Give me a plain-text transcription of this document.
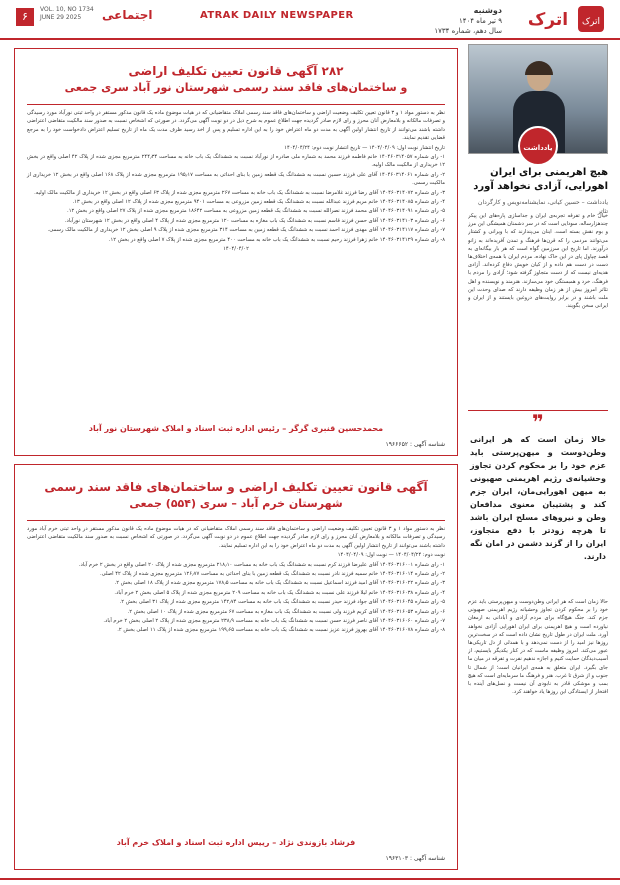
۶
VOL. 10, NO 1734
JUNE 29 2025	اجتماعی	ATRAK DAILY NEWSPAPER	دوشنبه
۹ تیر ماه ۱۴۰۴
سال دهم، شماره ۱۷۳۴
اترک
اترک
۲۸۲ آگهی قانون تعیین تکلیف اراضی
و ساختمان‌های فاقد سند رسمی شهرستان نور آباد سری جمعی

نظر به دستور مواد ۱ و ۳ قانون تعیین تکلیف وضعیت اراضی و ساختمان‌های فاقد سند رسمی املاک متقاضیانی که در هیات موضوع ماده یک قانون مذکور مستقر در واحد ثبتی نورآباد مورد رسیدگی و تصرفات مالکانه و بلامعارض آنان محرز و رای لازم صادر گردیده جهت اطلاع عموم به شرح ذیل در دو نوبت آگهی می‌گردد. در صورتی که اشخاص نسبت به صدور سند مالکیت متقاضی اعتراضی داشته باشند می‌توانند از تاریخ انتشار اولین آگهی به مدت دو ماه اعتراض خود را به این اداره تسلیم و پس از اخذ رسید ظرف مدت یک ماه از تاریخ تسلیم اعتراض دادخواست خود را به مرجع قضایی تقدیم نمایند.

تاریخ انتشار نوبت اول: ۱۴۰۴/۰۴/۰۹ — تاریخ انتشار نوبت دوم: ۱۴۰۴/۰۴/۲۴

۱- رای شماره ۱۴۰۴۶۰۳۱۴۰۵۷ خانم فاطمه فرزند محمد به شماره ملی صادره از نورآباد نسبت به ششدانگ یک باب خانه به مساحت ۲۴۴٫۳۴ مترمربع مجزی شده از پلاک ۴۲ اصلی واقع در بخش ۱۲ خریداری از مالکیت مالک اولیه.

۲- رای شماره ۱۴۰۴۶۰۳۱۴۰۶۱ آقای علی فرزند حسین نسبت به ششدانگ یک قطعه زمین با بنای احداثی به مساحت ۱۹۵٫۱۷ مترمربع مجزی شده از پلاک ۱۶۸ اصلی واقع در بخش ۱۲ خریداری از مالکیت رسمی.

۳- رای شماره ۱۴۰۴۶۰۳۱۴۰۷۲ آقای رضا فرزند غلامرضا نسبت به ششدانگ یک باب خانه به مساحت ۲۶۷ مترمربع مجزی شده از پلاک ۶۳ اصلی واقع در بخش ۱۲ خریداری از مالکیت مالک اولیه.

۴- رای شماره ۱۴۰۴۶۰۳۱۴۰۸۵ خانم مریم فرزند عبدالله نسبت به ششدانگ یک قطعه زمین مزروعی به مساحت ۹۴۰۱ مترمربع مجزی شده از پلاک ۱۲ اصلی واقع در بخش ۱۳.

۵- رای شماره ۱۴۰۴۶۰۳۱۴۰۹۱ آقای محمد فرزند نصرالله نسبت به ششدانگ یک قطعه زمین مزروعی به مساحت ۱۸۶۴۲ مترمربع مجزی شده از پلاک ۲۷ اصلی واقع در بخش ۱۲.

۶- رای شماره ۱۴۰۴۶۰۳۱۴۱۰۳ آقای حسن فرزند قاسم نسبت به ششدانگ یک باب مغازه به مساحت ۱۲۰ مترمربع مجزی شده از پلاک ۴ اصلی واقع در بخش ۱۲ شهرستان نورآباد.

۷- رای شماره ۱۴۰۴۶۰۳۱۴۱۱۷ آقای مهدی فرزند احمد نسبت به ششدانگ یک قطعه زمین به مساحت ۳۱۴ مترمربع مجزی شده از پلاک ۹ اصلی بخش ۱۲ خریداری از مالکیت مالک رسمی.

۸- رای شماره ۱۴۰۴۶۰۳۱۴۱۲۹ خانم زهرا فرزند رحیم نسبت به ششدانگ یک باب خانه به مساحت ۴۰۰ مترمربع مجزی شده از پلاک ۷ اصلی واقع در بخش ۱۲.

۱۴۰۴/۰۴/۰۲

محمدحسین قنبری گرگر – رئیس اداره ثبت اسناد و املاک شهرستان نور آباد
شناسه آگهی : ۱۹۶۶۶۵۲
آگهی قانون تعیین تکلیف اراضی و ساختمان‌های فاقد سند رسمی
شهرستان خرم آباد – سری (۵۵۴) جمعی

نظر به دستور مواد ۱ و ۳ قانون تعیین تکلیف وضعیت اراضی و ساختمان‌های فاقد سند رسمی املاک متقاضیانی که در هیات موضوع ماده یک قانون مذکور مستقر در واحد ثبتی خرم آباد مورد رسیدگی و تصرفات مالکانه و بلامعارض آنان محرز و رای لازم صادر گردیده جهت اطلاع عموم در دو نوبت آگهی می‌گردد. در صورتی که اشخاص نسبت به صدور سند مالکیت متقاضی اعتراضی داشته باشند می‌توانند از تاریخ انتشار اولین آگهی به مدت دو ماه اعتراض خود را به این اداره تسلیم نمایند.

نوبت دوم: ۱۴۰۴/۰۴/۲۴ — نوبت اول: ۱۴۰۴/۰۴/۰۹

۱- رای شماره ۱۴۰۴۶۰۳۱۶۰۰۱ آقای علیرضا فرزند کرم نسبت به ششدانگ یک باب خانه به مساحت ۲۱۸٫۱۰ مترمربع مجزی شده از پلاک ۲۰ اصلی واقع در بخش ۲ خرم آباد.

۲- رای شماره ۱۴۰۴۶۰۳۱۶۰۱۴ خانم سمیه فرزند نادر نسبت به ششدانگ یک قطعه زمین با بنای احداثی به مساحت ۱۲۶٫۷۷ مترمربع مجزی شده از پلاک ۴۲ اصلی.

۳- رای شماره ۱۴۰۴۶۰۳۱۶۰۲۲ آقای امید فرزند اسماعیل نسبت به ششدانگ یک باب خانه به مساحت ۱۷۸٫۵ مترمربع مجزی شده از پلاک ۱۸ اصلی بخش ۲.

۴- رای شماره ۱۴۰۴۶۰۳۱۶۰۳۸ خانم لیلا فرزند علی نسبت به ششدانگ یک باب خانه به مساحت ۲۰۹ مترمربع مجزی شده از پلاک ۵ اصلی بخش ۲ خرم آباد.

۵- رای شماره ۱۴۰۴۶۰۳۱۶۰۴۵ آقای جواد فرزند حیدر نسبت به ششدانگ یک باب خانه به مساحت ۱۴۲٫۷۴ مترمربع مجزی شده از پلاک ۳۱ اصلی بخش ۲.

۶- رای شماره ۱۴۰۴۶۰۳۱۶۰۵۳ آقای کریم فرزند ولی نسبت به ششدانگ یک باب مغازه به مساحت ۶۷ مترمربع مجزی شده از پلاک ۱۰ اصلی بخش ۲.

۷- رای شماره ۱۴۰۴۶۰۳۱۶۰۶۰ آقای ناصر فرزند حسن نسبت به ششدانگ یک باب خانه به مساحت ۲۳۸٫۹ مترمربع مجزی شده از پلاک ۲ اصلی بخش ۲ خرم آباد.

۸- رای شماره ۱۴۰۴۶۰۳۱۶۰۷۸ آقای بهروز فرزند عزیز نسبت به ششدانگ یک باب خانه به مساحت ۱۹۹٫۶۵ مترمربع مجزی شده از پلاک ۱۱ اصلی بخش ۲.

فرشاد بازوندی نژاد – رییس اداره ثبت اسناد و املاک خرم آباد
شناسه آگهی : ۱۹۶۳۱۰۳
یادداشت
هیچ اهریمنی برای ایران اهورایی، آزادی نخواهد آورد
یادداشت – حسین کیانی، نمایشنامه‌نویس و کارگردان تئاتر
خیال خام و تفرقه تجربه‌ی ایران و جداسازی پاره‌های این پیکر چندهزارساله، سودایی است که در سر دشمنان همیشگی این مرز و بوم نقش بسته است. اینان می‌پندارند که با ویرانی و کشتار می‌توانند مردمی را که قرن‌ها فرهنگ و تمدن آفریده‌اند به زانو درآورند. اما تاریخ این سرزمین گواه است که هر بار بیگانه‌ای به قصد چپاول پای در این خاک نهاده، مردم ایران با همه‌ی اختلاف‌ها دست در دست هم داده و از کیان خویش دفاع کرده‌اند. آزادی هدیه‌ای نیست که از دست متجاوز گرفته شود؛ آزادی را مردم با فرهنگ، خرد و همبستگی خود می‌سازند. هنرمند و نویسنده و اهل تئاتر امروز بیش از هر زمان وظیفه دارند که صدای وحدت این ملت باشند و در برابر روایت‌های دروغین بایستند و از ایران و ایرانی سخن بگویند.
❞
خالا زمان است که هر ایرانی وطن‌دوست و میهن‌پرستی باید عزم خود را بر محکوم کردن تجاوز وحشیانه‌ی رژیم اهریمنی صهیونی به میهن اهورایی‌مان، ایران جزم کند و پشتیبان معنوی مدافعان وطن و نیروهای مسلح ایران باشد تا هرچه زودتر با دفع متجاوز، ایران را از گزند دشمن در امان نگه دارند.
حالا زمان است که هر ایرانی وطن‌دوست و میهن‌پرستی باید عزم خود را بر محکوم کردن تجاوز وحشیانه رژیم اهریمنی صهیونی جزم کند. جنگ هیچ‌گاه برای مردم آزادی و آبادانی به ارمغان نیاورده است و هیچ اهریمنی برای ایران اهورایی آزادی نخواهد آورد. ملت ایران در طول تاریخ نشان داده است که در سخت‌ترین روزها نیز امید را از دست نمی‌دهد و با همدلی از دل تاریکی‌ها عبور می‌کند. امروز وظیفه ماست که در کنار یکدیگر بایستیم، از آسیب‌دیدگان حمایت کنیم و اجازه ندهیم نفرت و تفرقه در میان ما جای بگیرد. ایران متعلق به همه‌ی ایرانیان است؛ از شمال تا جنوب و از شرق تا غرب. هنر و فرهنگ ما سرمایه‌ای است که هیچ بمب و موشکی قادر به نابودی آن نیست و نسل‌های آینده با افتخار از ایستادگی این روزها یاد خواهند کرد.
